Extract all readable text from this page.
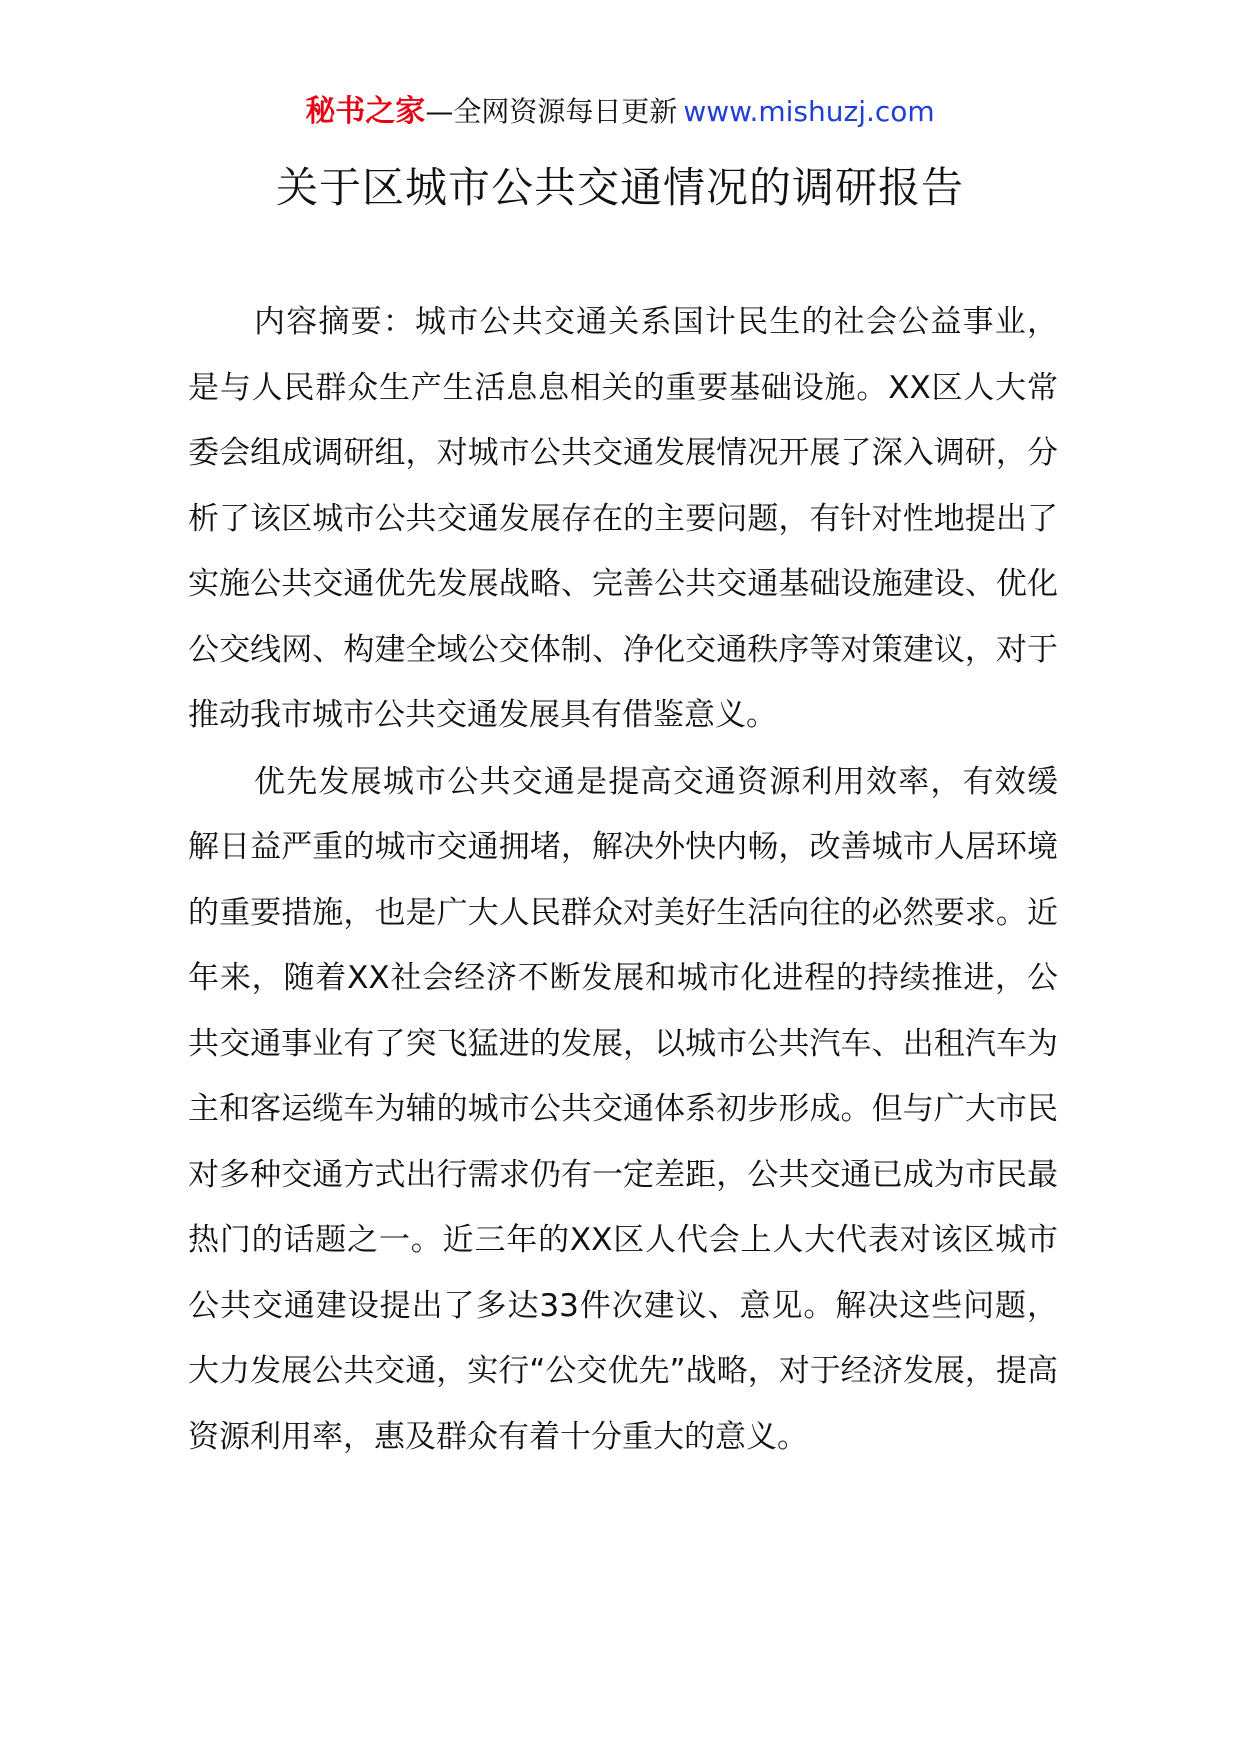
秘书之家—全网资源每日更新 www.mishuzj.com
关于区城市公共交通情况的调研报告

内容摘要：城市公共交通关系国计民生的社会公益事业，是与人民群众生产生活息息相关的重要基础设施。XX区人大常委会组成调研组，对城市公共交通发展情况开展了深入调研，分析了该区城市公共交通发展存在的主要问题，有针对性地提出了实施公共交通优先发展战略、完善公共交通基础设施建设、优化公交线网、构建全域公交体制、净化交通秩序等对策建议，对于推动我市城市公共交通发展具有借鉴意义。

优先发展城市公共交通是提高交通资源利用效率，有效缓解日益严重的城市交通拥堵，解决外快内畅，改善城市人居环境的重要措施，也是广大人民群众对美好生活向往的必然要求。近年来，随着XX社会经济不断发展和城市化进程的持续推进，公共交通事业有了突飞猛进的发展，以城市公共汽车、出租汽车为主和客运缆车为辅的城市公共交通体系初步形成。但与广大市民对多种交通方式出行需求仍有一定差距，公共交通已成为市民最热门的话题之一。近三年的XX区人代会上人大代表对该区城市公共交通建设提出了多达33件次建议、意见。解决这些问题，大力发展公共交通，实行“公交优先”战略，对于经济发展，提高资源利用率，惠及群众有着十分重大的意义。
